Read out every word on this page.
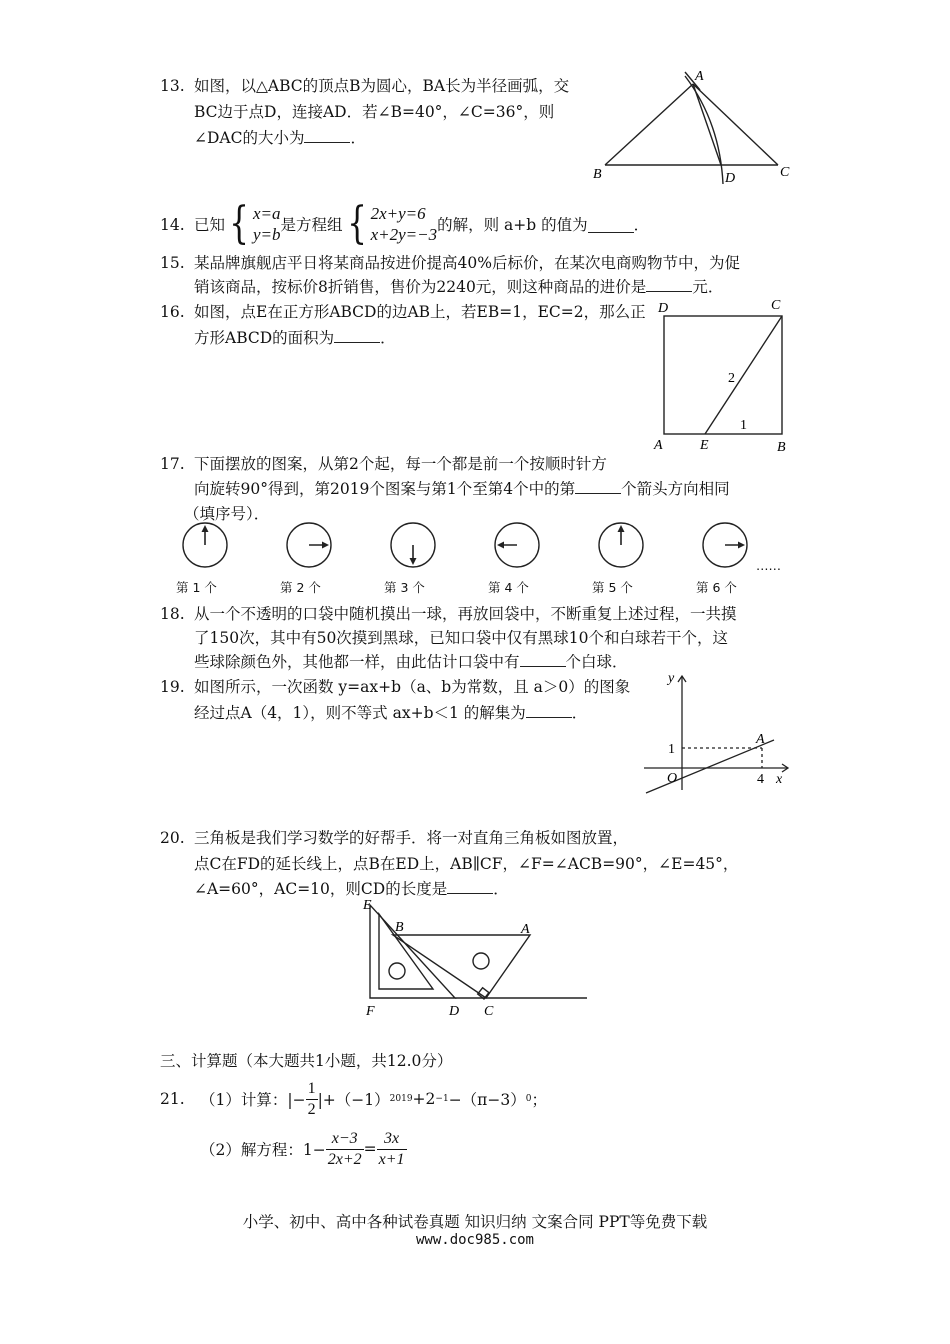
13. 如图，以△ABC的顶点B为圆心，BA长为半径画弧，交
BC边于点D，连接AD．若∠B=40°，∠C=36°，则
∠DAC的大小为	．
A
B	C
D
14. 已知 { x=a
y=b 是方程组 { 2x+y=6
x+2y=−3 的解，则 a+b 的值为	．
15. 某品牌旗舰店平日将某商品按进价提高40%后标价，在某次电商购物节中，为促
销该商品，按标价8折销售，售价为2240元，则这种商品的进价是	元．
16. 如图，点E在正方形ABCD的边AB上，若EB=1，EC=2，那么正
方形ABCD的面积为	．
D	C
A	E	B
2
1
17. 下面摆放的图案，从第2个起，每一个都是前一个按顺时针方
向旋转90°得到，第2019个图案与第1个至第4个中的第	个箭头方向相同
（填序号）．
第 1 个	第 2 个	第 3 个	第 4 个	第 5 个	第 6 个
……
18. 从一个不透明的口袋中随机摸出一球，再放回袋中，不断重复上述过程，一共摸
了150次，其中有50次摸到黑球，已知口袋中仅有黑球10个和白球若干个，这
些球除颜色外，其他都一样，由此估计口袋中有	个白球．
19. 如图所示，一次函数 y=ax+b（a、b为常数，且 a＞0）的图象
经过点A（4，1），则不等式 ax+b＜1 的解集为	．
y
x
O
A
1
4
20. 三角板是我们学习数学的好帮手．将一对直角三角板如图放置，
点C在FD的延长线上，点B在ED上，AB∥CF，∠F=∠ACB=90°，∠E=45°，
∠A=60°，AC=10，则CD的长度是	．
E
B	A
F	D C
三、计算题（本大题共1小题，共12.0分）
21. （1）计算：|− $\frac{1}{2} |+(-1)$ 2019 +2 −1 −（π−3） 0 ；
（2）解方程：$1- \frac{x-3}{2x+2} = \frac{3x}{x+1}$
小学、初中、高中各种试卷真题 知识归纳 文案合同 PPT等免费下载
www.doc985.com
